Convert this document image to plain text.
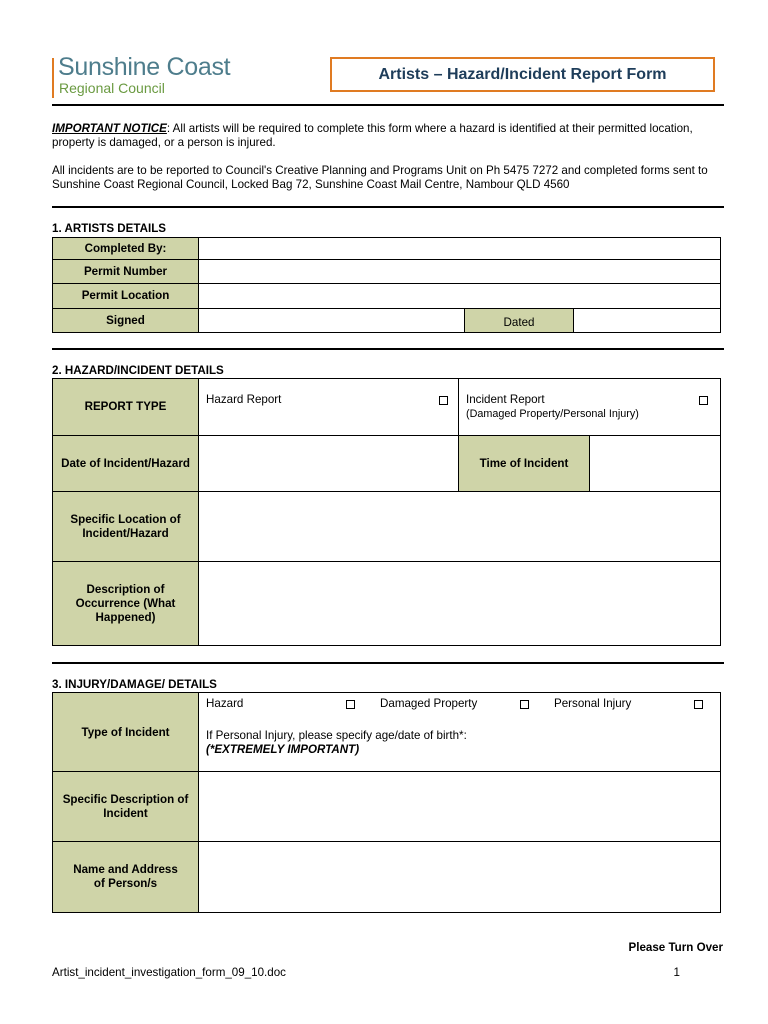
Sunshine Coast
Regional Council
Artists – Hazard/Incident Report Form
IMPORTANT NOTICE: All artists will be required to complete this form where a hazard is identified at their permitted location, property is damaged, or a person is injured.
All incidents are to be reported to Council's Creative Planning and Programs Unit on Ph 5475 7272 and completed forms sent to Sunshine Coast Regional Council, Locked Bag 72, Sunshine Coast Mail Centre, Nambour QLD 4560
1. ARTISTS DETAILS
Completed By:			
Permit Number			
Permit Location			
Signed		Dated	
2. HAZARD/INCIDENT DETAILS
REPORT TYPE	Hazard Report	Incident Report
(Damaged Property/Personal Injury)	

Date of Incident/Hazard		Time of Incident	
Specific Location of Incident/Hazard			
Description of Occurrence (What Happened)			
3. INJURY/DAMAGE/ DETAILS
Type of Incident	Hazard Damaged Property Personal Injury
If Personal Injury, please specify age/date of birth*:
(*EXTREMELY IMPORTANT)

Specific Description of Incident	
Name and Address of Person/s	
Please Turn Over
Artist_incident_investigation_form_09_10.doc	1
